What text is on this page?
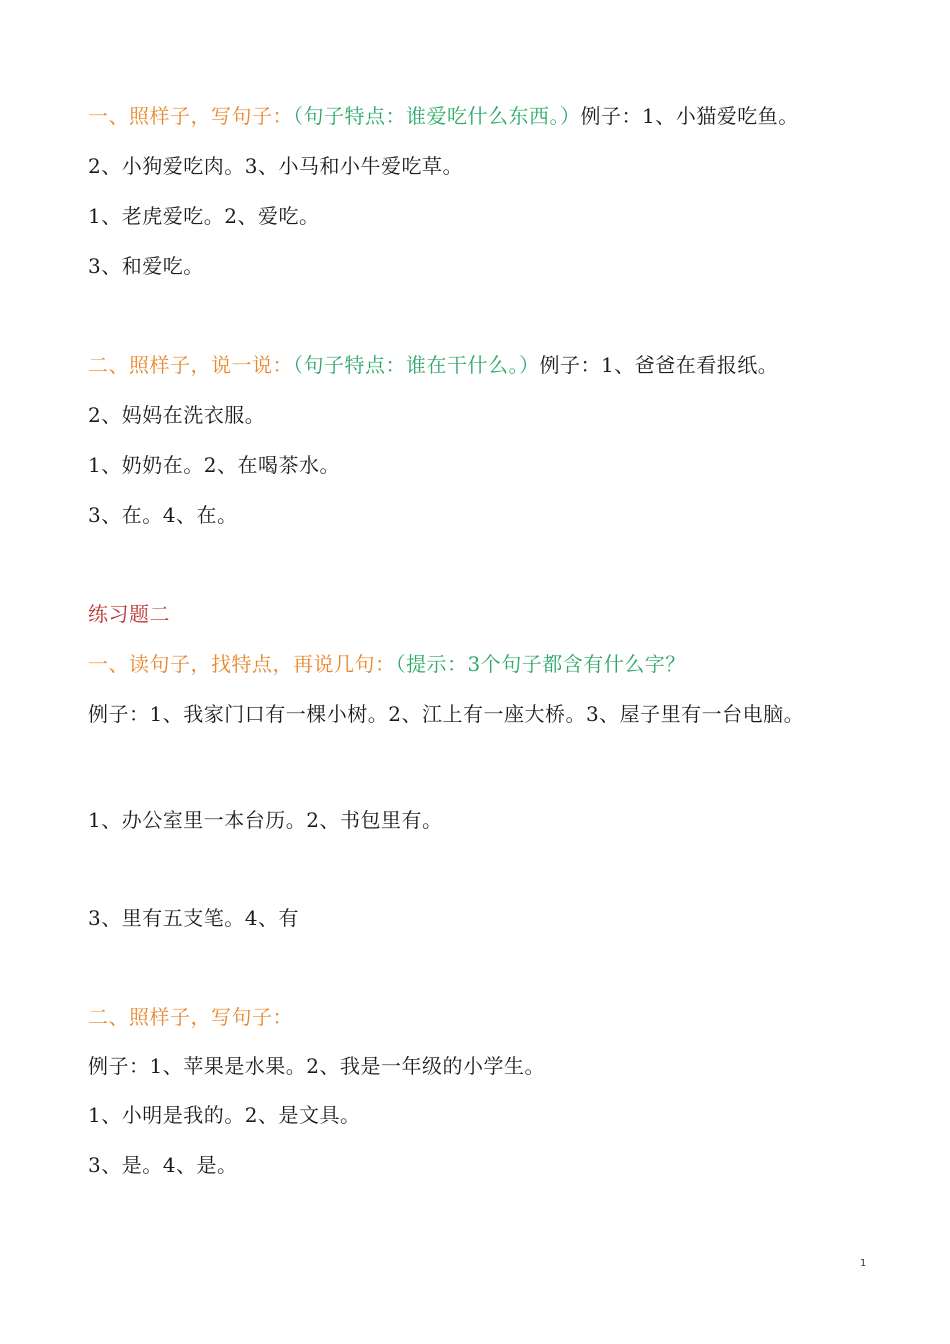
一、照样子，写句子：（句子特点：谁爱吃什么东西。）例子：1、小猫爱吃鱼。
2、小狗爱吃肉。3、小马和小牛爱吃草。
1、老虎爱吃。2、爱吃。
3、和爱吃。
二、照样子，说一说：（句子特点：谁在干什么。）例子：1、爸爸在看报纸。
2、妈妈在洗衣服。
1、奶奶在。2、在喝茶水。
3、在。4、在。
练习题二
一、读句子，找特点，再说几句：（提示：3个句子都含有什么字？
例子：1、我家门口有一棵小树。2、江上有一座大桥。3、屋子里有一台电脑。
1、办公室里一本台历。2、书包里有。
3、里有五支笔。4、有
二、照样子，写句子：
例子：1、苹果是水果。2、我是一年级的小学生。
1、小明是我的。2、是文具。
3、是。4、是。
1
